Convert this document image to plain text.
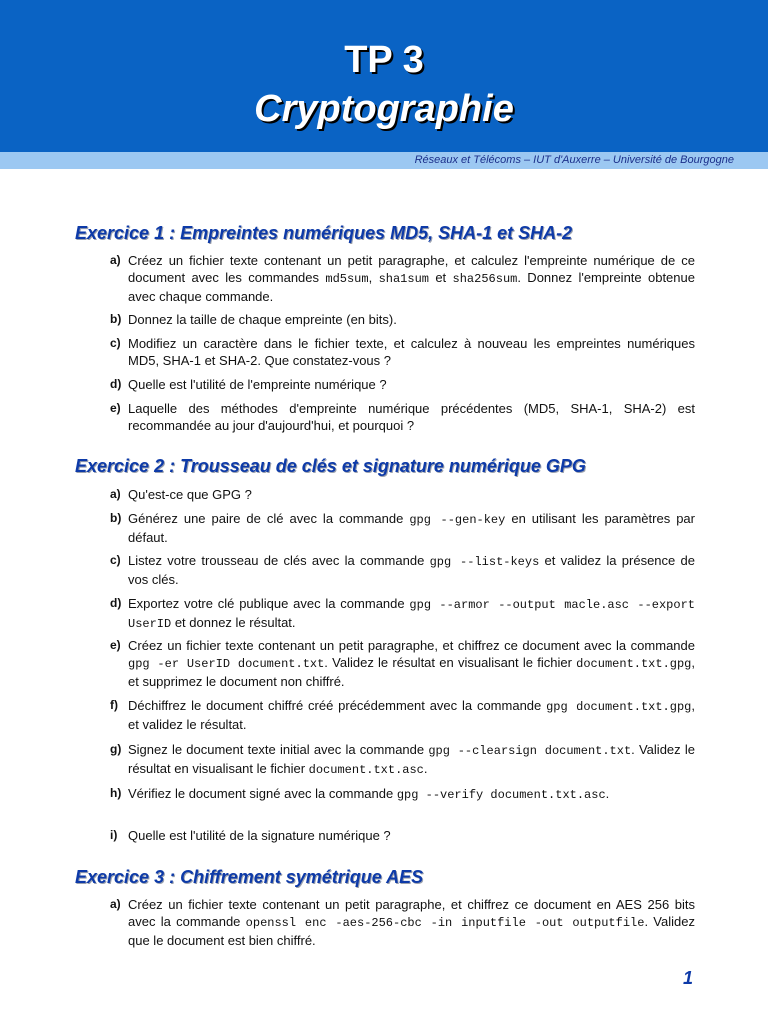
TP 3
Cryptographie
Réseaux et Télécoms – IUT d'Auxerre – Université de Bourgogne
Exercice 1 : Empreintes numériques MD5, SHA-1 et SHA-2
a) Créez un fichier texte contenant un petit paragraphe, et calculez l'empreinte numérique de ce document avec les commandes md5sum, sha1sum et sha256sum. Donnez l'empreinte obtenue avec chaque commande.
b) Donnez la taille de chaque empreinte (en bits).
c) Modifiez un caractère dans le fichier texte, et calculez à nouveau les empreintes numériques MD5, SHA-1 et SHA-2. Que constatez-vous ?
d) Quelle est l'utilité de l'empreinte numérique ?
e) Laquelle des méthodes d'empreinte numérique précédentes (MD5, SHA-1, SHA-2) est recommandée au jour d'aujourd'hui, et pourquoi ?
Exercice 2 : Trousseau de clés et signature numérique GPG
a) Qu'est-ce que GPG ?
b) Générez une paire de clé avec la commande gpg --gen-key en utilisant les paramètres par défaut.
c) Listez votre trousseau de clés avec la commande gpg --list-keys et validez la présence de vos clés.
d) Exportez votre clé publique avec la commande gpg --armor --output macle.asc --export UserID et donnez le résultat.
e) Créez un fichier texte contenant un petit paragraphe, et chiffrez ce document avec la commande gpg -er UserID document.txt. Validez le résultat en visualisant le fichier document.txt.gpg, et supprimez le document non chiffré.
f) Déchiffrez le document chiffré créé précédemment avec la commande gpg document.txt.gpg, et validez le résultat.
g) Signez le document texte initial avec la commande gpg --clearsign document.txt. Validez le résultat en visualisant le fichier document.txt.asc.
h) Vérifiez le document signé avec la commande gpg --verify document.txt.asc.
i) Quelle est l'utilité de la signature numérique ?
Exercice 3 : Chiffrement symétrique AES
a) Créez un fichier texte contenant un petit paragraphe, et chiffrez ce document en AES 256 bits avec la commande openssl enc -aes-256-cbc -in inputfile -out outputfile. Validez que le document est bien chiffré.
1
